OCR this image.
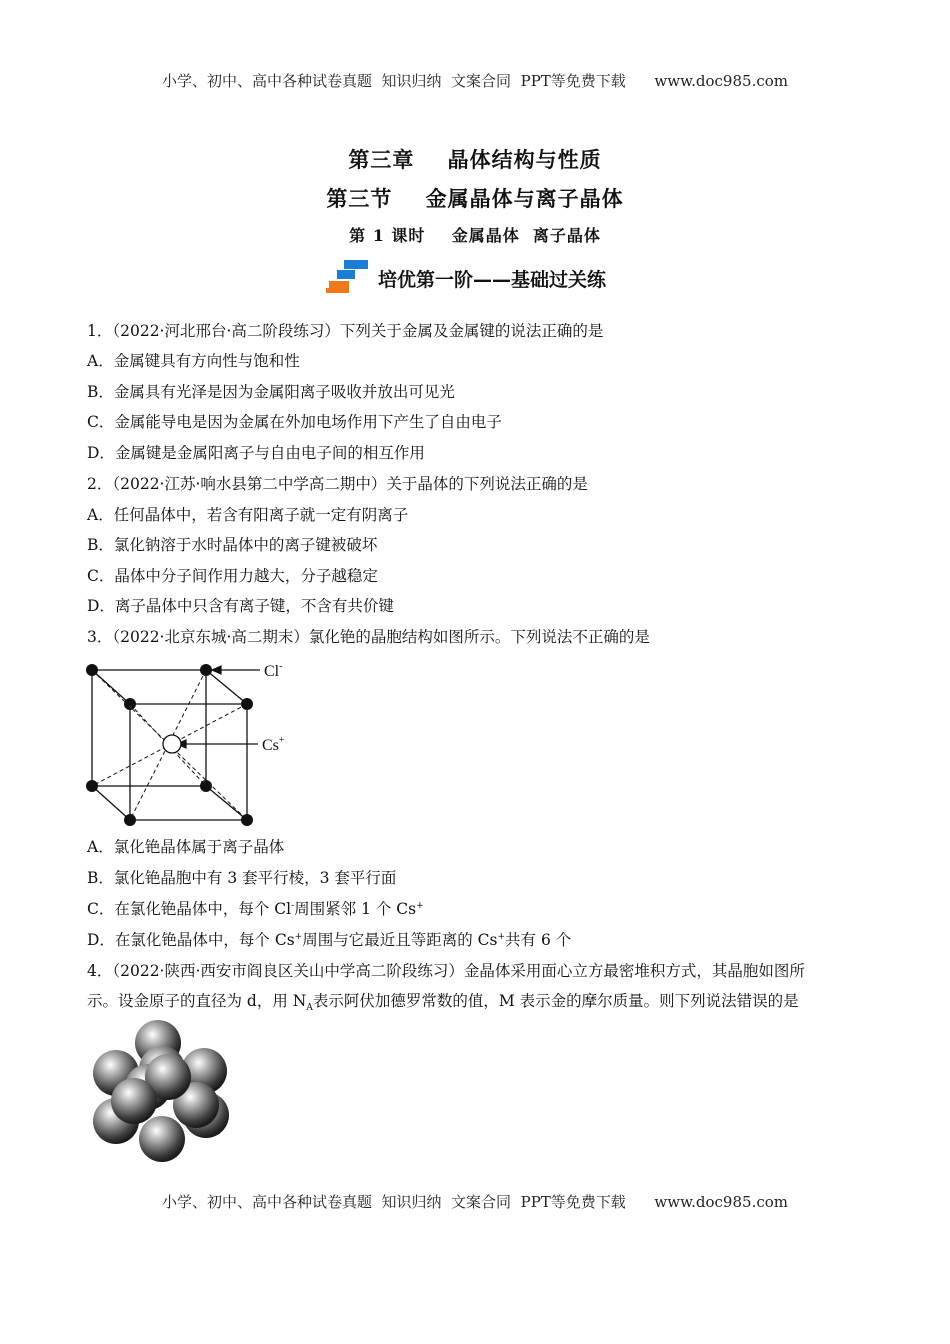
小学、初中、高中各种试卷真题  知识归纳  文案合同  PPT等免费下载      www.doc985.com
第三章    晶体结构与性质
第三节    金属晶体与离子晶体
第 1 课时    金属晶体  离子晶体
培优第一阶——基础过关练
1．（2022·河北邢台·高二阶段练习）下列关于金属及金属键的说法正确的是
A．金属键具有方向性与饱和性
B．金属具有光泽是因为金属阳离子吸收并放出可见光
C．金属能导电是因为金属在外加电场作用下产生了自由电子
D．金属键是金属阳离子与自由电子间的相互作用
2．（2022·江苏·响水县第二中学高二期中）关于晶体的下列说法正确的是
A．任何晶体中，若含有阳离子就一定有阴离子
B．氯化钠溶于水时晶体中的离子键被破坏
C．晶体中分子间作用力越大，分子越稳定
D．离子晶体中只含有离子键，不含有共价键
3．（2022·北京东城·高二期末）氯化铯的晶胞结构如图所示。下列说法不正确的是
Cl-
Cs+
A．氯化铯晶体属于离子晶体
B．氯化铯晶胞中有 3 套平行棱，3 套平行面
C．在氯化铯晶体中，每个 Cl-周围紧邻 1 个 Cs+
D．在氯化铯晶体中，每个 Cs+周围与它最近且等距离的 Cs+共有 6 个
4．（2022·陕西·西安市阎良区关山中学高二阶段练习）金晶体采用面心立方最密堆积方式，其晶胞如图所
示。设金原子的直径为 d，用 $N_A$表示阿伏加德罗常数的值，M 表示金的摩尔质量。则下列说法错误的是
小学、初中、高中各种试卷真题  知识归纳  文案合同  PPT等免费下载      www.doc985.com
